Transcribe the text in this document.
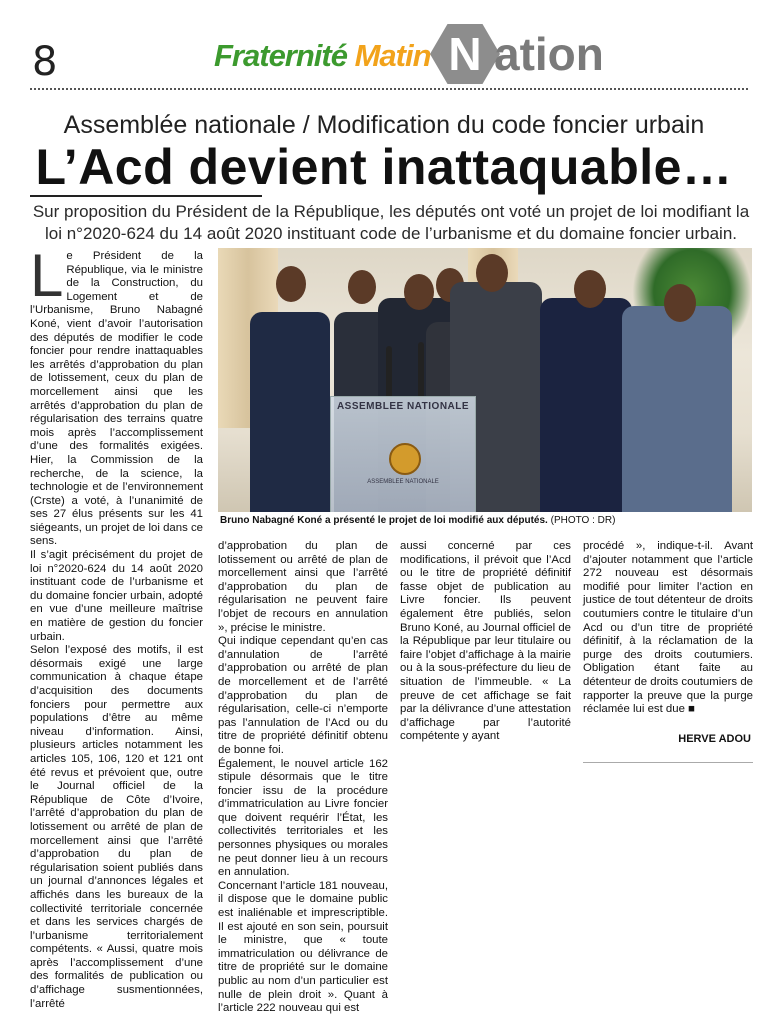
8	Fraternité Matin N ation
Assemblée nationale / Modification du code foncier urbain
L’Acd devient inattaquable…
Sur proposition du Président de la République, les députés ont voté un projet de loi modifiant la loi n°2020-624 du 14 août 2020 instituant code de l’urbanisme et du domaine foncier urbain.
ASSEMBLEE NATIONALE
ASSEMBLEE NATIONALE
Bruno Nabagné Koné a présenté le projet de loi modifié aux députés. (PHOTO : DR)

Le Président de la République, via le ministre de la Construction, du Logement et de l’Urbanisme, Bruno Nabagné Koné, vient d’avoir l’autorisation des députés de modifier le code foncier pour rendre inattaquables les arrêtés d’approbation du plan de lotissement, ceux du plan de morcellement ainsi que les arrêtés d’approbation du plan de régularisation des terrains quatre mois après l’accomplissement d’une des formalités exigées. Hier, la Commission de la recherche, de la science, la technologie et de l’environnement (Crste) a voté, à l’unanimité de ses 27 élus présents sur les 41 siégeants, un projet de loi dans ce sens.

Il s’agit précisément du projet de loi n°2020-624 du 14 août 2020 instituant code de l’urbanisme et du domaine foncier urbain, adopté en vue d’une meilleure maîtrise en matière de gestion du foncier urbain.

Selon l’exposé des motifs, il est désormais exigé une large communication à chaque étape d’acquisition des documents fonciers pour permettre aux populations d’être au même niveau d’information. Ainsi, plusieurs articles notamment les articles 105, 106, 120 et 121 ont été revus et prévoient que, outre le Journal officiel de la République de Côte d’Ivoire, l’arrêté d’approbation du plan de lotissement ou arrêté de plan de morcellement ainsi que l’arrêté d’approbation du plan de régularisation soient publiés dans un journal d’annonces légales et affichés dans les bureaux de la collectivité territoriale concernée et dans les services chargés de l’urbanisme territorialement compétents. « Aussi, quatre mois après l’accomplissement d’une des formalités de publication ou d’affichage susmentionnées, l’arrêté

d’approbation du plan de lotissement ou arrêté de plan de morcellement ainsi que l’arrêté d’approbation du plan de régularisation ne peuvent faire l’objet de recours en annulation », précise le ministre.

Qui indique cependant qu’en cas d’annulation de l’arrêté d’approbation ou arrêté de plan de morcellement et de l’arrêté d’approbation du plan de régularisation, celle-ci n’emporte pas l’annulation de l’Acd ou du titre de propriété définitif obtenu de bonne foi.

Également, le nouvel article 162 stipule désormais que le titre foncier issu de la procédure d’immatriculation au Livre foncier que doivent requérir l’État, les collectivités territoriales et les personnes physiques ou morales ne peut donner lieu à un recours en annulation.

Concernant l’article 181 nouveau, il dispose que le domaine public est inaliénable et imprescriptible. Il est ajouté en son sein, poursuit le ministre, que « toute immatriculation ou délivrance de titre de propriété sur le domaine public au nom d’un particulier est nulle de plein droit ». Quant à l’article 222 nouveau qui est

aussi concerné par ces modifications, il prévoit que l’Acd ou le titre de propriété définitif fasse objet de publication au Livre foncier. Ils peuvent également être publiés, selon Bruno Koné, au Journal officiel de la République par leur titulaire ou faire l’objet d’affichage à la mairie ou à la sous-préfecture du lieu de situation de l’immeuble. « La preuve de cet affichage se fait par la délivrance d’une attestation d’affichage par l’autorité compétente y ayant

procédé », indique-t-il. Avant d’ajouter notamment que l’article 272 nouveau est désormais modifié pour limiter l’action en justice de tout détenteur de droits coutumiers contre le titulaire d’un Acd ou d’un titre de propriété définitif, à la réclamation de la purge des droits coutumiers. Obligation étant faite au détenteur de droits coutumiers de rapporter la preuve que la purge réclamée lui est due ■

HERVE ADOU
